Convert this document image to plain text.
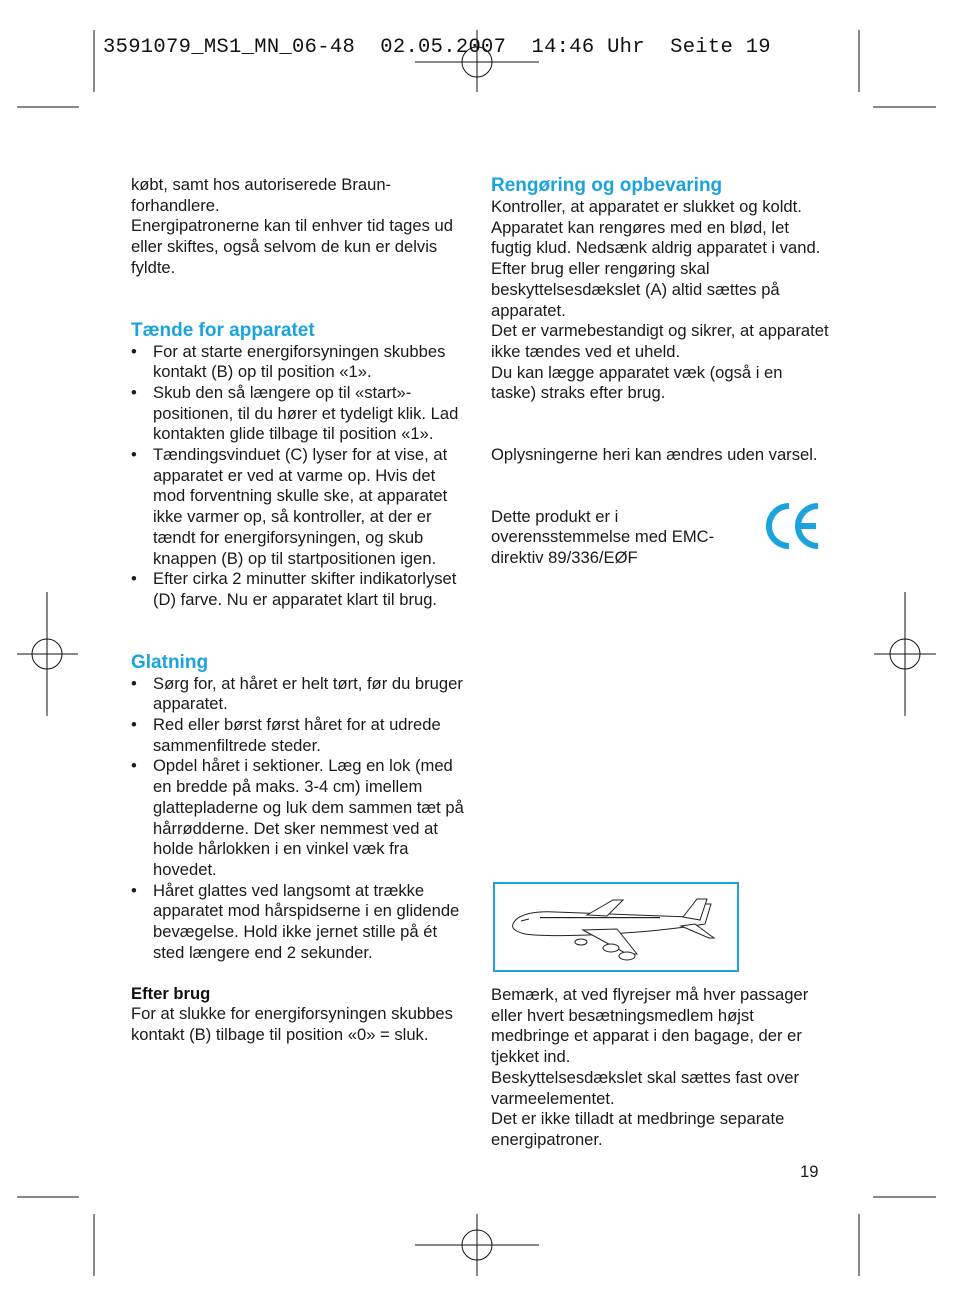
3591079_MS1_MN_06-48  02.05.2007  14:46 Uhr  Seite 19

købt, samt hos autoriserede Braun-forhandlere.

Energipatronerne kan til enhver tid tages ud eller skiftes, også selvom de kun er delvis fyldte.

Tænde for apparatet
• For at starte energiforsyningen skubbes kontakt (B) op til position «1».
• Skub den så længere op til «start»-positionen, til du hører et tydeligt klik. Lad kontakten glide tilbage til position «1».
• Tændingsvinduet (C) lyser for at vise, at apparatet er ved at varme op. Hvis det mod forventning skulle ske, at apparatet ikke varmer op, så kontroller, at der er tændt for energiforsyningen, og skub knappen (B) op til startpositionen igen.
• Efter cirka 2 minutter skifter indikatorlyset (D) farve. Nu er apparatet klart til brug.
Glatning
• Sørg for, at håret er helt tørt, før du bruger apparatet.
• Red eller børst først håret for at udrede sammenfiltrede steder.
• Opdel håret i sektioner. Læg en lok (med en bredde på maks. 3-4 cm) imellem glattepladerne og luk dem sammen tæt på hårrødderne. Det sker nemmest ved at holde hårlokken i en vinkel væk fra hovedet.
• Håret glattes ved langsomt at trække apparatet mod hårspidserne i en glidende bevægelse. Hold ikke jernet stille på ét sted længere end 2 sekunder.
Efter brug

For at slukke for energiforsyningen skubbes kontakt (B) tilbage til position «0» = sluk.

Rengøring og opbevaring

Kontroller, at apparatet er slukket og koldt. Apparatet kan rengøres med en blød, let fugtig klud. Nedsænk aldrig apparatet i vand.

Efter brug eller rengøring skal beskyttelsesdækslet (A) altid sættes på apparatet.

Det er varmebestandigt og sikrer, at apparatet ikke tændes ved et uheld.

Du kan lægge apparatet væk (også i en taske) straks efter brug.

Oplysningerne heri kan ændres uden varsel.

Dette produkt er i overensstemmelse med EMC-direktiv 89/336/EØF

Bemærk, at ved flyrejser må hver passager eller hvert besætningsmedlem højst medbringe et apparat i den bagage, der er tjekket ind.

Beskyttelsesdækslet skal sættes fast over varmeelementet.

Det er ikke tilladt at medbringe separate energipatroner.

19
